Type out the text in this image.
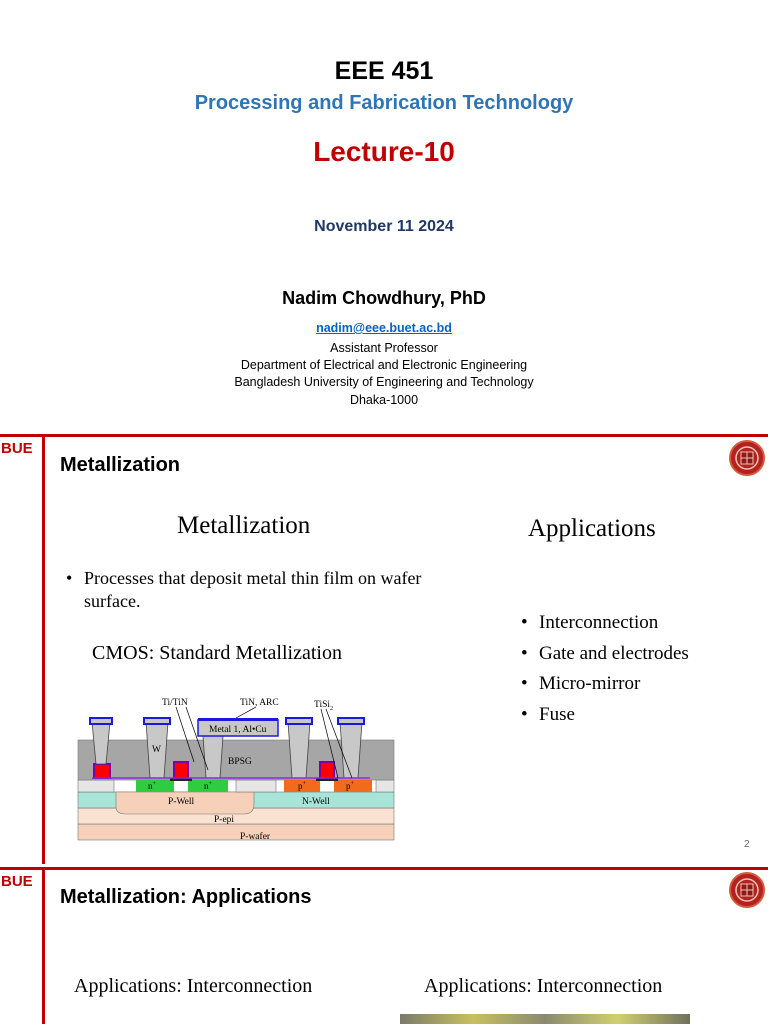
EEE 451
Processing and Fabrication Technology
Lecture-10
November 11 2024
Nadim Chowdhury, PhD
nadim@eee.buet.ac.bd
Assistant Professor
Department of Electrical and Electronic Engineering
Bangladesh University of Engineering and Technology
Dhaka-1000
BUE
Metallization
Metallization
• Processes that deposit metal thin film on wafer surface.
CMOS: Standard Metallization
Ti/TiN	TiN, ARC	TiSi$_2$
Metal 1, Al•Cu
W
BPSG
n+	n+	p+	p+
P-Well	N-Well
P-epi
P-wafer
Applications
• Interconnection
• Gate and electrodes
• Micro-mirror
• Fuse
2
BUE
Metallization: Applications
Applications: Interconnection	Applications: Interconnection
